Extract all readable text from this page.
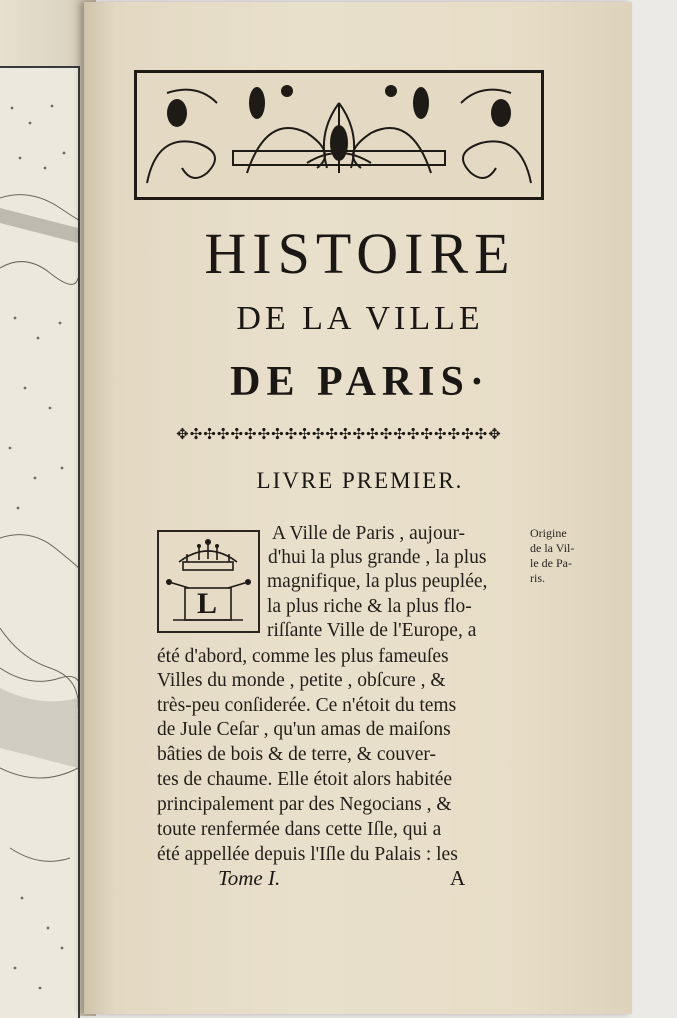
HISTOIRE
DE LA VILLE
DE PARIS·
✥✣✣✣✣✣✣✣✣✣✣✣✣✣✣✣✣✣✣✣✣✣✣✥
LIVRE PREMIER.
L
A Ville de Paris , aujour-
d'hui la plus grande , la plus
magnifique, la plus peuplée,
la plus riche & la plus flo-
riſſante Ville de l'Europe, a
été d'abord, comme les plus fameuſes
Villes du monde , petite , obſcure , &
très-peu conſiderée. Ce n'étoit du tems
de Jule Ceſar , qu'un amas de maiſons
bâties de bois & de terre, & couver-
tes de chaume. Elle étoit alors habitée
principalement par des Negocians , &
toute renfermée dans cette Iſle, qui a
été appellée depuis l'Iſle du Palais : les
Origine
de la Vil-
le de Pa-
ris.
Tome I.	A
